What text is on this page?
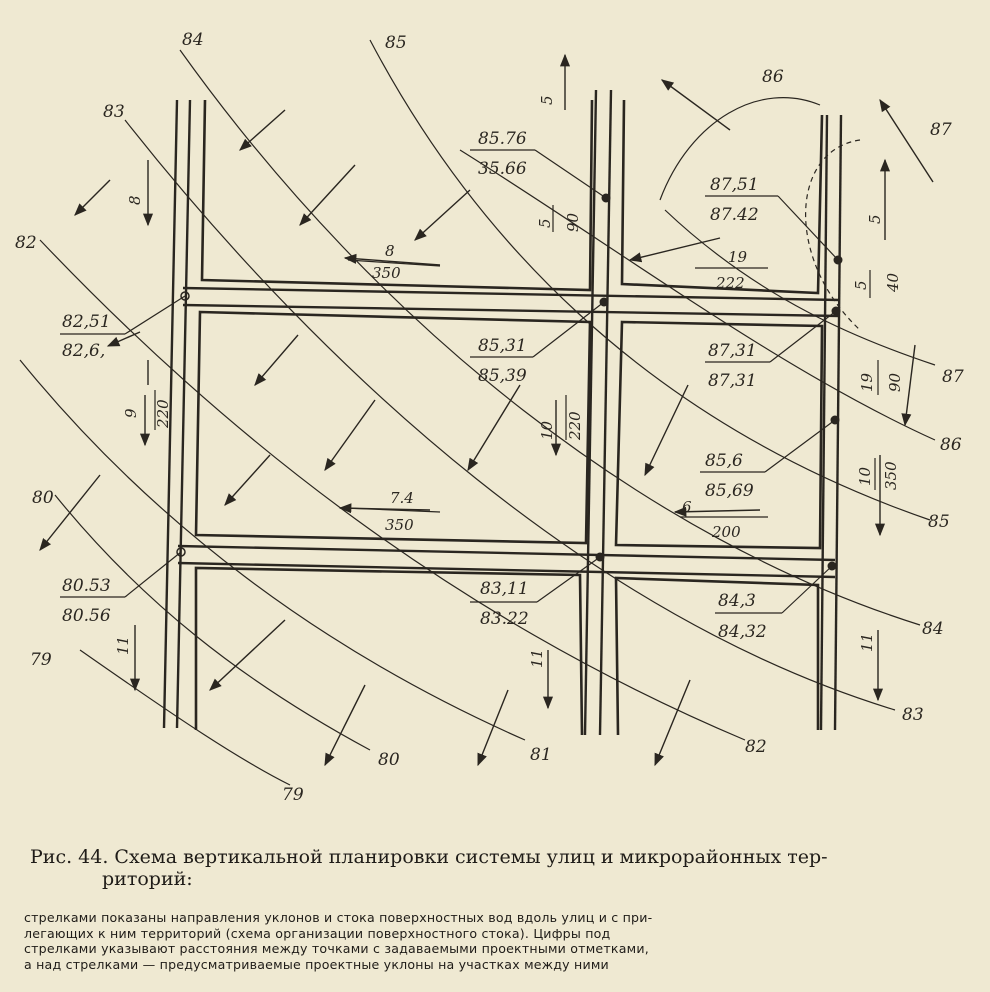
79
79
80
80	81
82
82
83
83
84
84
85
85
86
86
87
87
85.76
35.66
87,51
87.42
82,51
82,6,	85,31
85,39
87,31
87,31
85,6
85,69
80.53
80.56
83,11
83.22
84,3
84,32
5
5 90
8
8
350
10 220
5
5 40
9 220
19 90
10 350
7.4
350
6
200
11
11
11
19
222
Рис. 44. Схема вертикальной планировки системы улиц и микрорайонных тер-
риторий:
стрелками показаны направления уклонов и стока поверхностных вод вдоль улиц и с при-
легающих к ним территорий (схема организации поверхностного стока). Цифры под
стрелками указывают расстояния между точками с задаваемыми проектными отметками,
а над стрелками — предусматриваемые проектные уклоны на участках между ними
